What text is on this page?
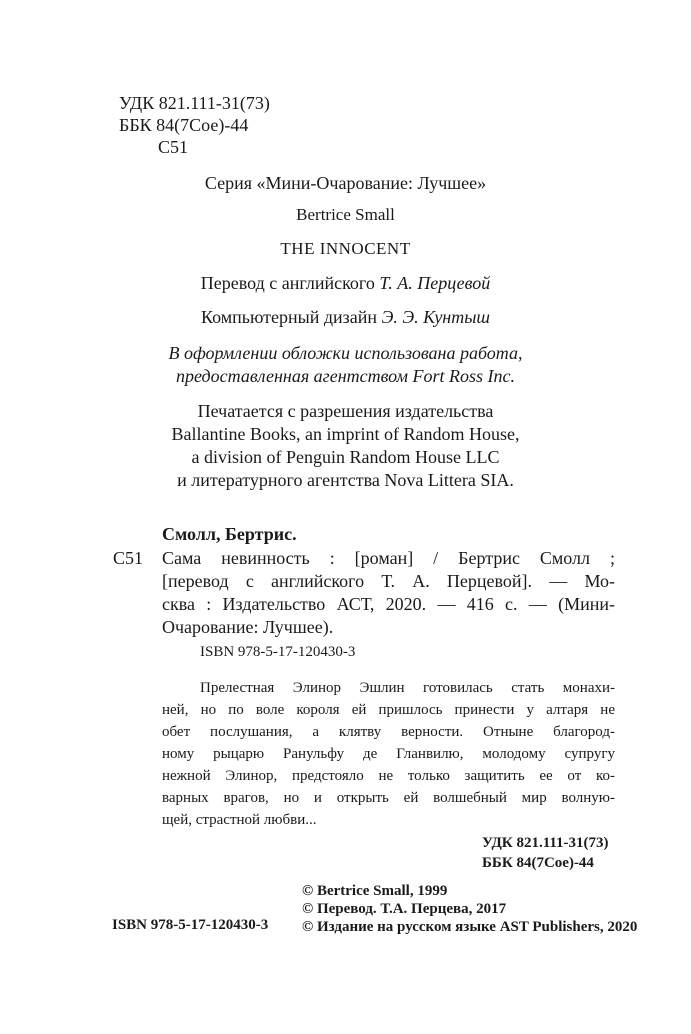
УДК 821.111-31(73)
ББК 84(7Сое)-44
С51
Серия «Мини-Очарование: Лучшее»
Bertrice Small
THE INNOCENT
Перевод с английского Т. А. Перцевой
Компьютерный дизайн Э. Э. Кунтыш
В оформлении обложки использована работа,
предоставленная агентством Fort Ross Inc.
Печатается с разрешения издательства
Ballantine Books, an imprint of Random House,
a division of Penguin Random House LLC
и литературного агентства Nova Littera SIA.
Смолл, Бертрис.
С51 Сама невинность : [роман] / Бертрис Смолл ;
[перевод с английского Т. А. Перцевой]. — Мо-
сква : Издательство АСТ, 2020. — 416 с. — (Мини-
Очарование: Лучшее).
ISBN 978-5-17-120430-3
Прелестная Элинор Эшлин готовилась стать монахи-
ней, но по воле короля ей пришлось принести у алтаря не
обет послушания, а клятву верности. Отныне благород-
ному рыцарю Ранульфу де Гланвилю, молодому супругу
нежной Элинор, предстояло не только защитить ее от ко-
варных врагов, но и открыть ей волшебный мир волную-
щей, страстной любви...
УДК 821.111-31(73)
ББК 84(7Сое)-44
© Bertrice Small, 1999
© Перевод. Т.А. Перцева, 2017
© Издание на русском языке AST Publishers, 2020
ISBN 978-5-17-120430-3
